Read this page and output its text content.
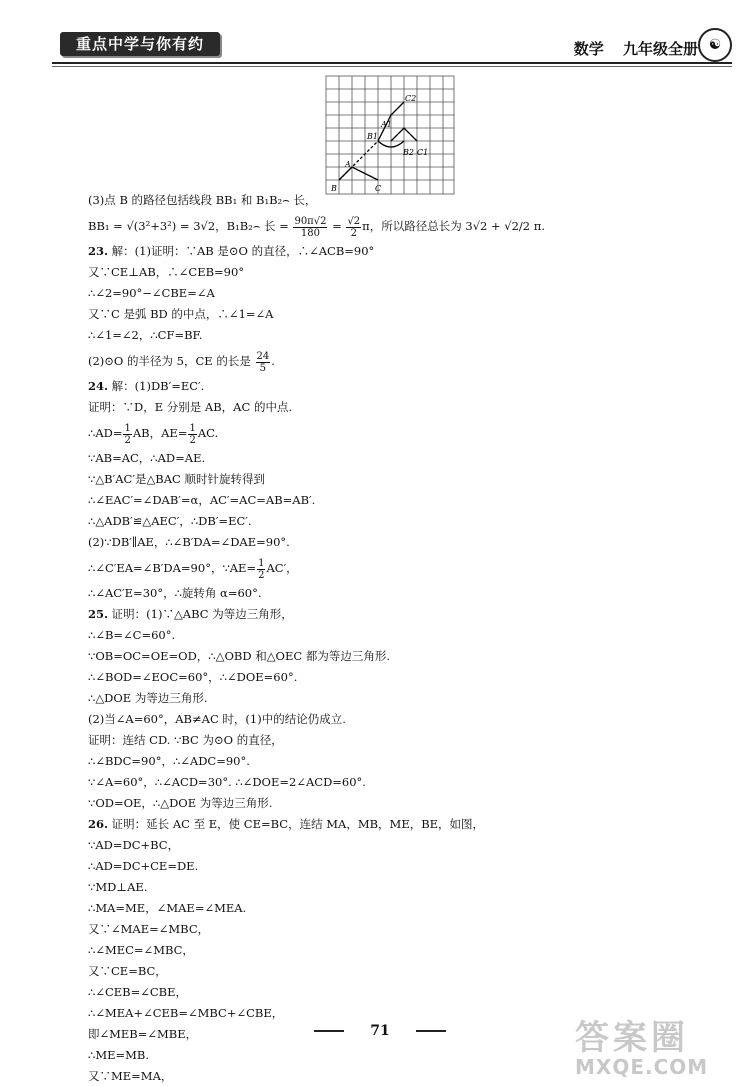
重点中学与你有约	数学 九年级全册 ☯
C2
A1
B1
B2 C1
A
B	C
(3)点 B 的路径包括线段 BB₁ 和 B₁B₂⌢ 长，
BB₁ = √(3²+3²) = 3√2，B₁B₂⌢ 长 = $\frac{90\pi√2}{180} = \frac{√2}{2}$ π，所以路径总长为 3√2 + √2/2 π.
23. 解：(1)证明：∵AB 是⊙O 的直径，∴∠ACB=90°
又∵CE⊥AB，∴∠CEB=90°
∴∠2=90°−∠CBE=∠A
又∵C 是弧 BD 的中点，∴∠1=∠A
∴∠1=∠2，∴CF=BF.
(2)⊙O 的半径为 5，CE 的长是 $\frac{24}{5}$ .
24. 解：(1)DB′=EC′.
证明：∵D，E 分别是 AB，AC 的中点.
∴AD= $\frac{1}{2}$ AB，$AE= \frac{1}{2}$ AC.
∵AB=AC，∴AD=AE.
∵△B′AC′是△BAC 顺时针旋转得到
∴∠EAC′=∠DAB′=α，AC′=AC=AB=AB′.
∴△ADB′≌△AEC′，∴DB′=EC′.
(2)∵DB′∥AE，∴∠B′DA=∠DAE=90°.
∴∠C′EA=∠B′DA=90°，∵AE= $\frac{1}{2} AC'$，
∴∠AC′E=30°，∴旋转角 α=60°.
25. 证明：(1)∵△ABC 为等边三角形，
∴∠B=∠C=60°.
∵OB=OC=OE=OD，∴△OBD 和△OEC 都为等边三角形.
∴∠BOD=∠EOC=60°，∴∠DOE=60°.
∴△DOE 为等边三角形.
(2)当∠A=60°，AB≠AC 时，(1)中的结论仍成立.
证明：连结 CD. ∵BC 为⊙O 的直径，
∴∠BDC=90°，∴∠ADC=90°.
∵∠A=60°，∴∠ACD=30°. ∴∠DOE=2∠ACD=60°.
∵OD=OE，∴△DOE 为等边三角形.
26. 证明：延长 AC 至 E，使 CE=BC，连结 MA，MB，ME，BE，如图，
∵AD=DC+BC，
∴AD=DC+CE=DE.
∵MD⊥AE.
∴MA=ME，∠MAE=∠MEA.
又∵∠MAE=∠MBC，
∴∠MEC=∠MBC，
又∵CE=BC，
∴∠CEB=∠CBE，
∴∠MEA+∠CEB=∠MBC+∠CBE，
即∠MEB=∠MBE，
∴ME=MB.
又∵ME=MA，
71	答案圈
MXQE.COM
